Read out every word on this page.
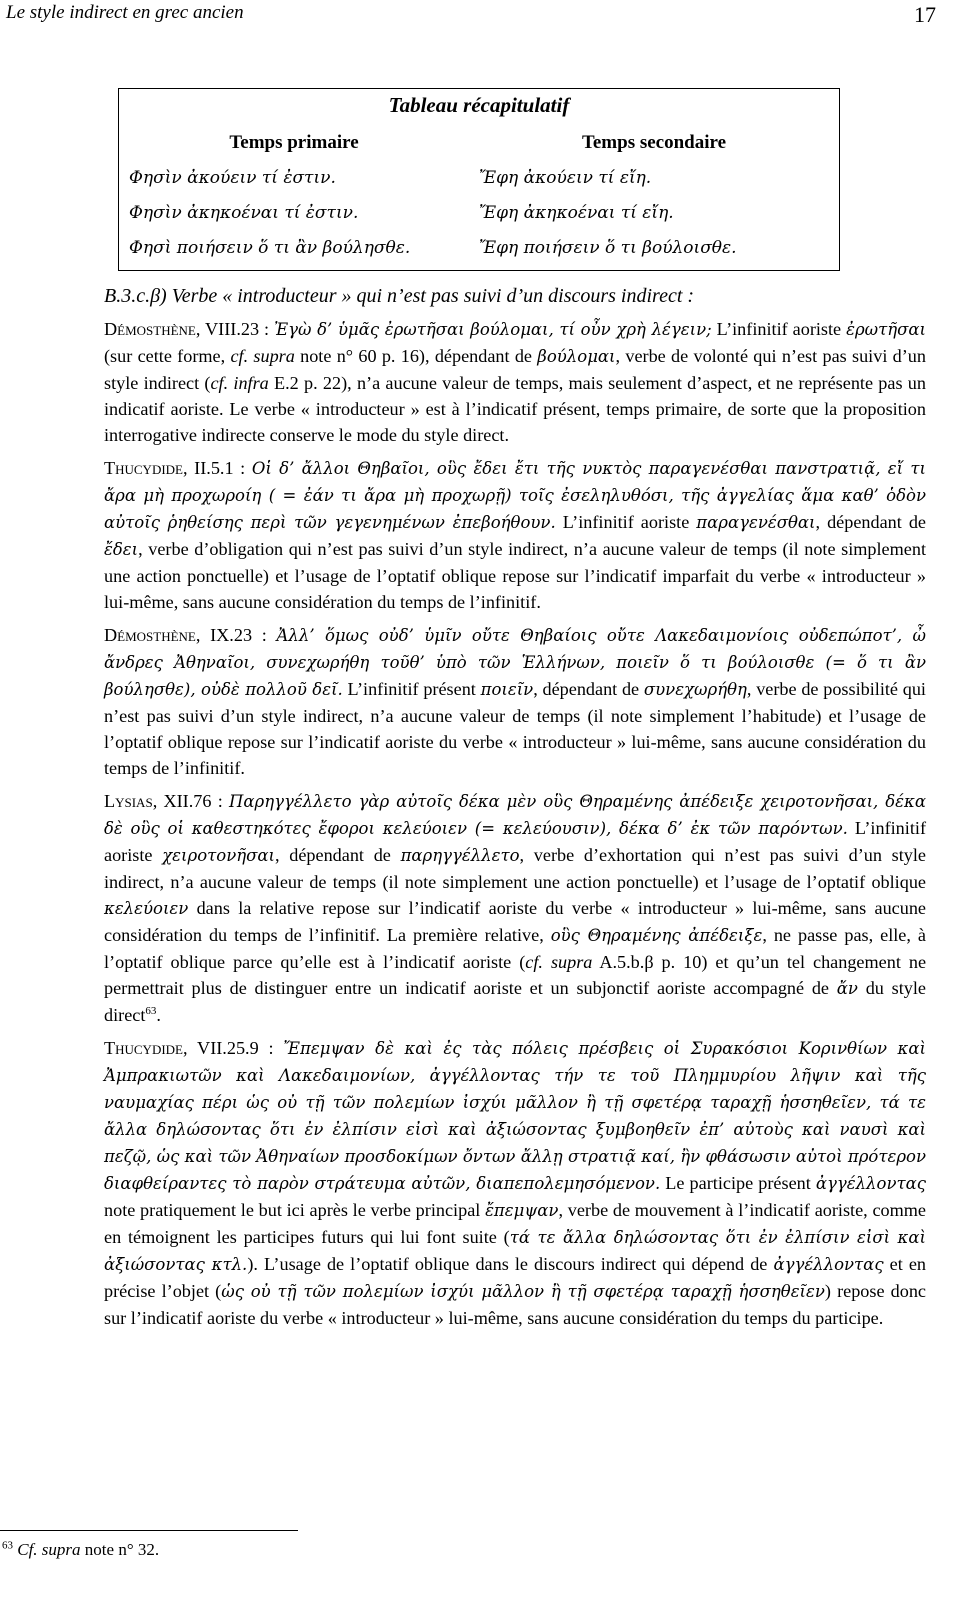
Le style indirect en grec ancien	17
Tableau récapitulatif
Temps primaire
Φησὶν ἀκούειν τί ἐστιν.
Φησὶν ἀκηκοέναι τί ἐστιν.
Φησὶ ποιήσειν ὅ τι ἂν βούλησθε.
Temps secondaire
Ἔφη ἀκούειν τί εἴη.
Ἔφη ἀκηκοέναι τί εἴη.
Ἔφη ποιήσειν ὅ τι βούλοισθε.

B.3.c.β) Verbe « introducteur » qui n’est pas suivi d’un discours indirect :

Démosthène, VIII.23 : Ἐγὼ δ’ ὑμᾶς ἐρωτῆσαι βούλομαι, τί οὖν χρὴ λέγειν; L’infinitif aoriste ἐρωτῆσαι (sur cette forme, cf. supra note n° 60 p. 16), dépendant de βούλομαι, verbe de volonté qui n’est pas suivi d’un style indirect (cf. infra E.2 p. 22), n’a aucune valeur de temps, mais seulement d’aspect, et ne représente pas un indicatif aoriste. Le verbe « introducteur » est à l’indicatif présent, temps primaire, de sorte que la proposition interrogative indirecte conserve le mode du style direct.

Thucydide, II.5.1 : Οἱ δ’ ἄλλοι Θηβαῖοι, οὓς ἔδει ἔτι τῆς νυκτὸς παραγενέσθαι πανστρατιᾷ, εἴ τι ἄρα μὴ προχωροίη ( = ἐάν τι ἄρα μὴ προχωρῇ) τοῖς ἐσεληλυθόσι, τῆς ἀγγελίας ἅμα καθ’ ὁδὸν αὐτοῖς ῥηθείσης περὶ τῶν γεγενημένων ἐπεβοήθουν. L’infinitif aoriste παραγενέσθαι, dépendant de ἔδει, verbe d’obligation qui n’est pas suivi d’un style indirect, n’a aucune valeur de temps (il note simplement une action ponctuelle) et l’usage de l’optatif oblique repose sur l’indicatif imparfait du verbe « introducteur » lui-même, sans aucune considération du temps de l’infinitif.

Démosthène, IX.23 : Ἀλλ’ ὅμως οὐδ’ ὑμῖν οὔτε Θηβαίοις οὔτε Λακεδαιμονίοις οὐδεπώποτ’, ὦ ἄνδρες Ἀθηναῖοι, συνεχωρήθη τοῦθ’ ὑπὸ τῶν Ἑλλήνων, ποιεῖν ὅ τι βούλοισθε (= ὅ τι ἂν βούλησθε), οὐδὲ πολλοῦ δεῖ. L’infinitif présent ποιεῖν, dépendant de συνεχωρήθη, verbe de possibilité qui n’est pas suivi d’un style indirect, n’a aucune valeur de temps (il note simplement l’habitude) et l’usage de l’optatif oblique repose sur l’indicatif aoriste du verbe « introducteur » lui-même, sans aucune considération du temps de l’infinitif.

Lysias, XII.76 : Παρηγγέλλετο γὰρ αὐτοῖς δέκα μὲν οὓς Θηραμένης ἀπέδειξε χειροτονῆσαι, δέκα δὲ οὓς οἱ καθεστηκότες ἔφοροι κελεύοιεν (= κελεύουσιν), δέκα δ’ ἐκ τῶν παρόντων. L’infinitif aoriste χειροτονῆσαι, dépendant de παρηγγέλλετο, verbe d’exhortation qui n’est pas suivi d’un style indirect, n’a aucune valeur de temps (il note simplement une action ponctuelle) et l’usage de l’optatif oblique κελεύοιεν dans la relative repose sur l’indicatif aoriste du verbe « introducteur » lui-même, sans aucune considération du temps de l’infinitif. La première relative, οὓς Θηραμένης ἀπέδειξε, ne passe pas, elle, à l’optatif oblique parce qu’elle est à l’indicatif aoriste (cf. supra A.5.b.β p. 10) et qu’un tel changement ne permettrait plus de distinguer entre un indicatif aoriste et un subjonctif aoriste accompagné de ἄν du style direct$^{63}$.

Thucydide, VII.25.9 : Ἔπεμψαν δὲ καὶ ἐς τὰς πόλεις πρέσβεις οἱ Συρακόσιοι Κορινθίων καὶ Ἀμπρακιωτῶν καὶ Λακεδαιμονίων, ἀγγέλλοντας τήν τε τοῦ Πλημμυρίου λῆψιν καὶ τῆς ναυμαχίας πέρι ὡς οὐ τῇ τῶν πολεμίων ἰσχύι μᾶλλον ἢ τῇ σφετέρᾳ ταραχῇ ἡσσηθεῖεν, τά τε ἄλλα δηλώσοντας ὅτι ἐν ἐλπίσιν εἰσὶ καὶ ἀξιώσοντας ξυμβοηθεῖν ἐπ’ αὐτοὺς καὶ ναυσὶ καὶ πεζῷ, ὡς καὶ τῶν Ἀθηναίων προσδοκίμων ὄντων ἄλλῃ στρατιᾷ καί, ἢν φθάσωσιν αὐτοὶ πρότερον διαφθείραντες τὸ παρὸν στράτευμα αὐτῶν, διαπεπολεμησόμενον. Le participe présent ἀγγέλλοντας note pratiquement le but ici après le verbe principal ἔπεμψαν, verbe de mouvement à l’indicatif aoriste, comme en témoignent les participes futurs qui lui font suite (τά τε ἄλλα δηλώσοντας ὅτι ἐν ἐλπίσιν εἰσὶ καὶ ἀξιώσοντας κτλ.). L’usage de l’optatif oblique dans le discours indirect qui dépend de ἀγγέλλοντας et en précise l’objet (ὡς οὐ τῇ τῶν πολεμίων ἰσχύι μᾶλλον ἢ τῇ σφετέρᾳ ταραχῇ ἡσσηθεῖεν) repose donc sur l’indicatif aoriste du verbe « introducteur » lui-même, sans aucune considération du temps du participe.

$^{63}$ Cf. supra note n° 32.
